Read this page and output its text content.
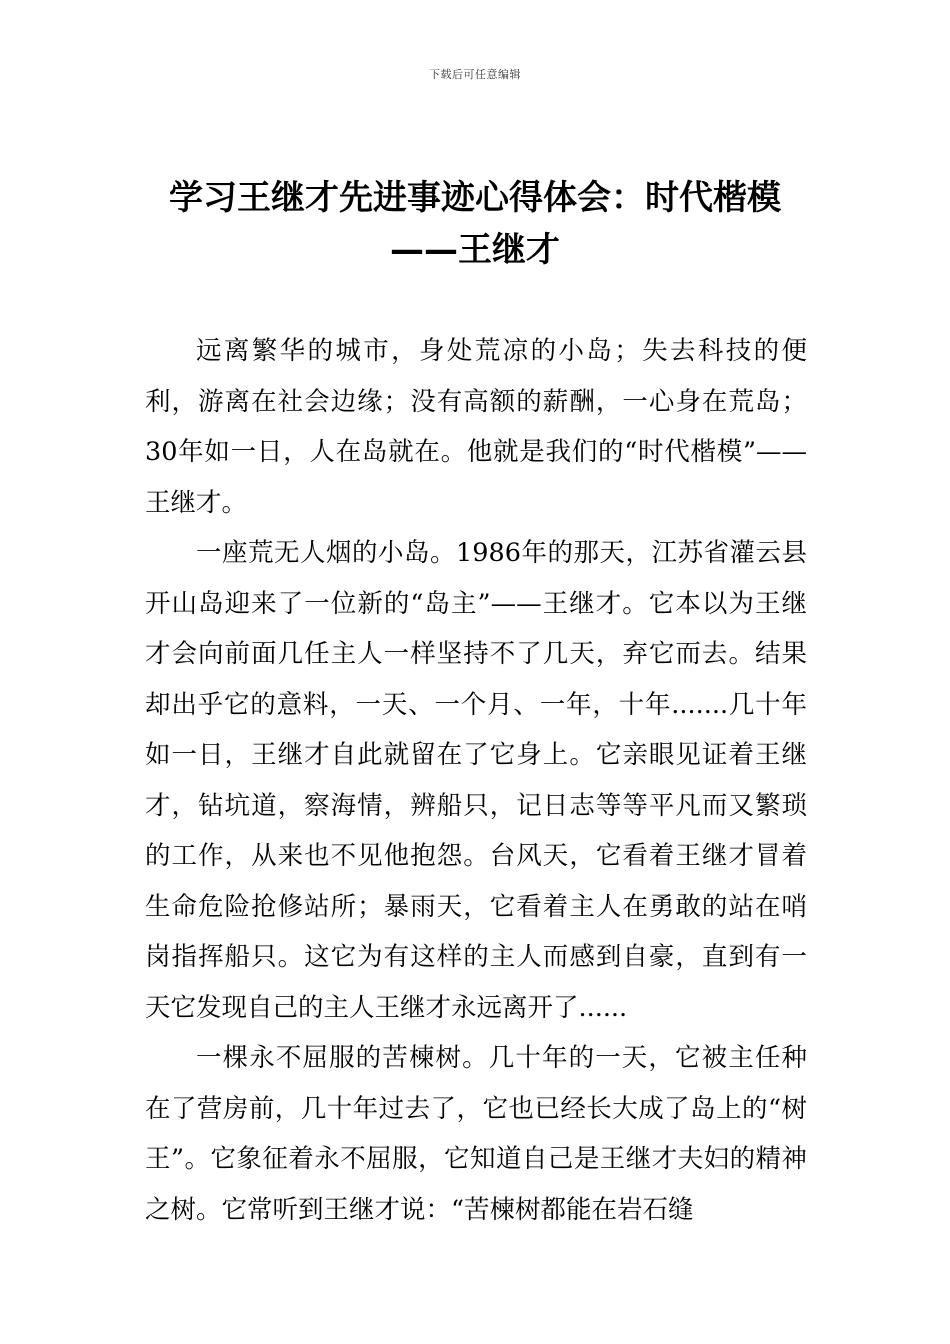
下载后可任意编辑
学习王继才先进事迹心得体会：时代楷模
——王继才

远离繁华的城市，身处荒凉的小岛；失去科技的便利，游离在社会边缘；没有高额的薪酬，一心身在荒岛；30年如一日，人在岛就在。他就是我们的“时代楷模”——王继才。

一座荒无人烟的小岛。1986年的那天，江苏省灌云县开山岛迎来了一位新的“岛主”——王继才。它本以为王继才会向前面几任主人一样坚持不了几天，弃它而去。结果却出乎它的意料，一天、一个月、一年，十年.......几十年如一日，王继才自此就留在了它身上。它亲眼见证着王继才，钻坑道，察海情，辨船只，记日志等等平凡而又繁琐的工作，从来也不见他抱怨。台风天，它看着王继才冒着生命危险抢修站所；暴雨天，它看着主人在勇敢的站在哨岗指挥船只。这它为有这样的主人而感到自豪，直到有一天它发现自己的主人王继才永远离开了......

一棵永不屈服的苦楝树。几十年的一天，它被主任种在了营房前，几十年过去了，它也已经长大成了岛上的“树王”。它象征着永不屈服，它知道自己是王继才夫妇的精神之树。它常听到王继才说：“苦楝树都能在岩石缝
